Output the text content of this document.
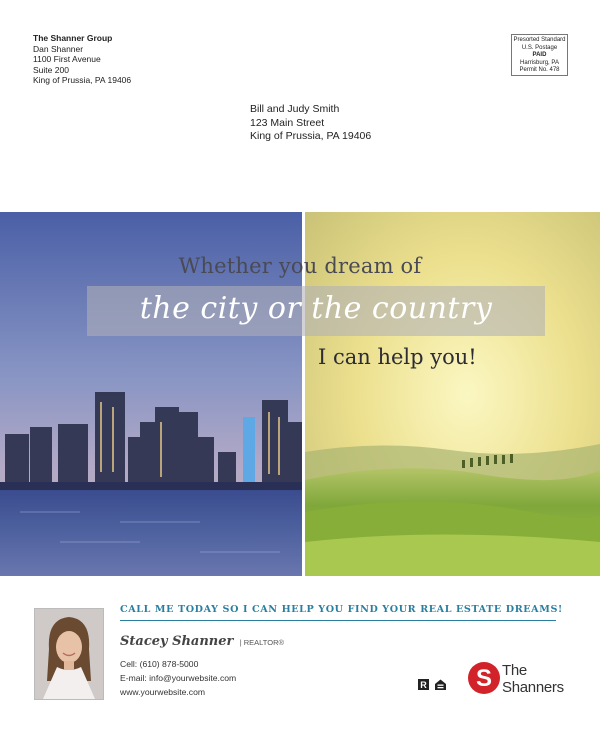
The Shanner Group
Dan Shanner
1100 First Avenue
Suite 200
King of Prussia, PA 19406
Presorted Standard
U.S. Postage
PAID
Harrisburg, PA
Permit No. 478
Bill and Judy Smith
123 Main Street
King of Prussia, PA 19406
Whether you dream of
the city or the country
I can help you!
CALL ME TODAY SO I CAN HELP YOU FIND YOUR REAL ESTATE DREAMS!
Stacey Shanner | REALTOR®
Cell: (610) 878-5000
E-mail: info@yourwebsite.com
www.yourwebsite.com
R S The
Shanners
